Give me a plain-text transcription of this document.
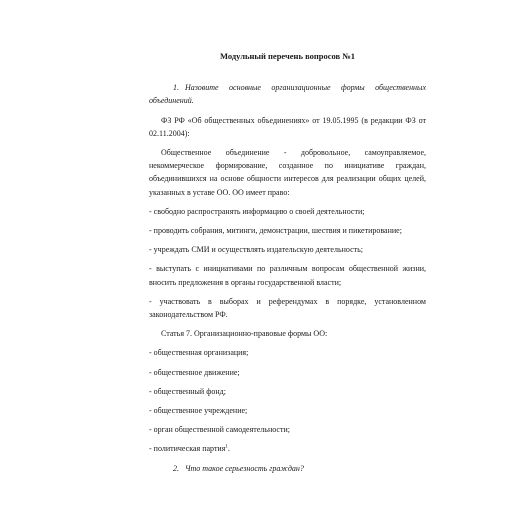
Модульный перечень вопросов №1

1. Назовите основные организационные формы общественных объединений.

ФЗ РФ «Об общественных объединениях» от 19.05.1995 (в редакции ФЗ от 02.11.2004):

Общественное объединение - добровольное, самоуправляемое, некоммерческое формирование, созданное по инициативе граждан, объединившихся на основе общности интересов для реализации общих целей, указанных в уставе ОО. ОО имеет право:

- свободно распространять информацию о своей деятельности;

- проводить собрания, митинги, демонстрации, шествия и пикетирование;

- учреждать СМИ и осуществлять издательскую деятельность;

- выступать с инициативами по различным вопросам общественной жизни, вносить предложения в органы государственной власти;

- участвовать в выборах и референдумах в порядке, установленном законодательством РФ.

Статья 7. Организационно-правовые формы ОО:

- общественная организация;

- общественное движение;

- общественный фонд;

- общественное учреждение;

- орган общественной самодеятельности;

- политическая партия$^1$.

2. Что такое серьезность граждан?
